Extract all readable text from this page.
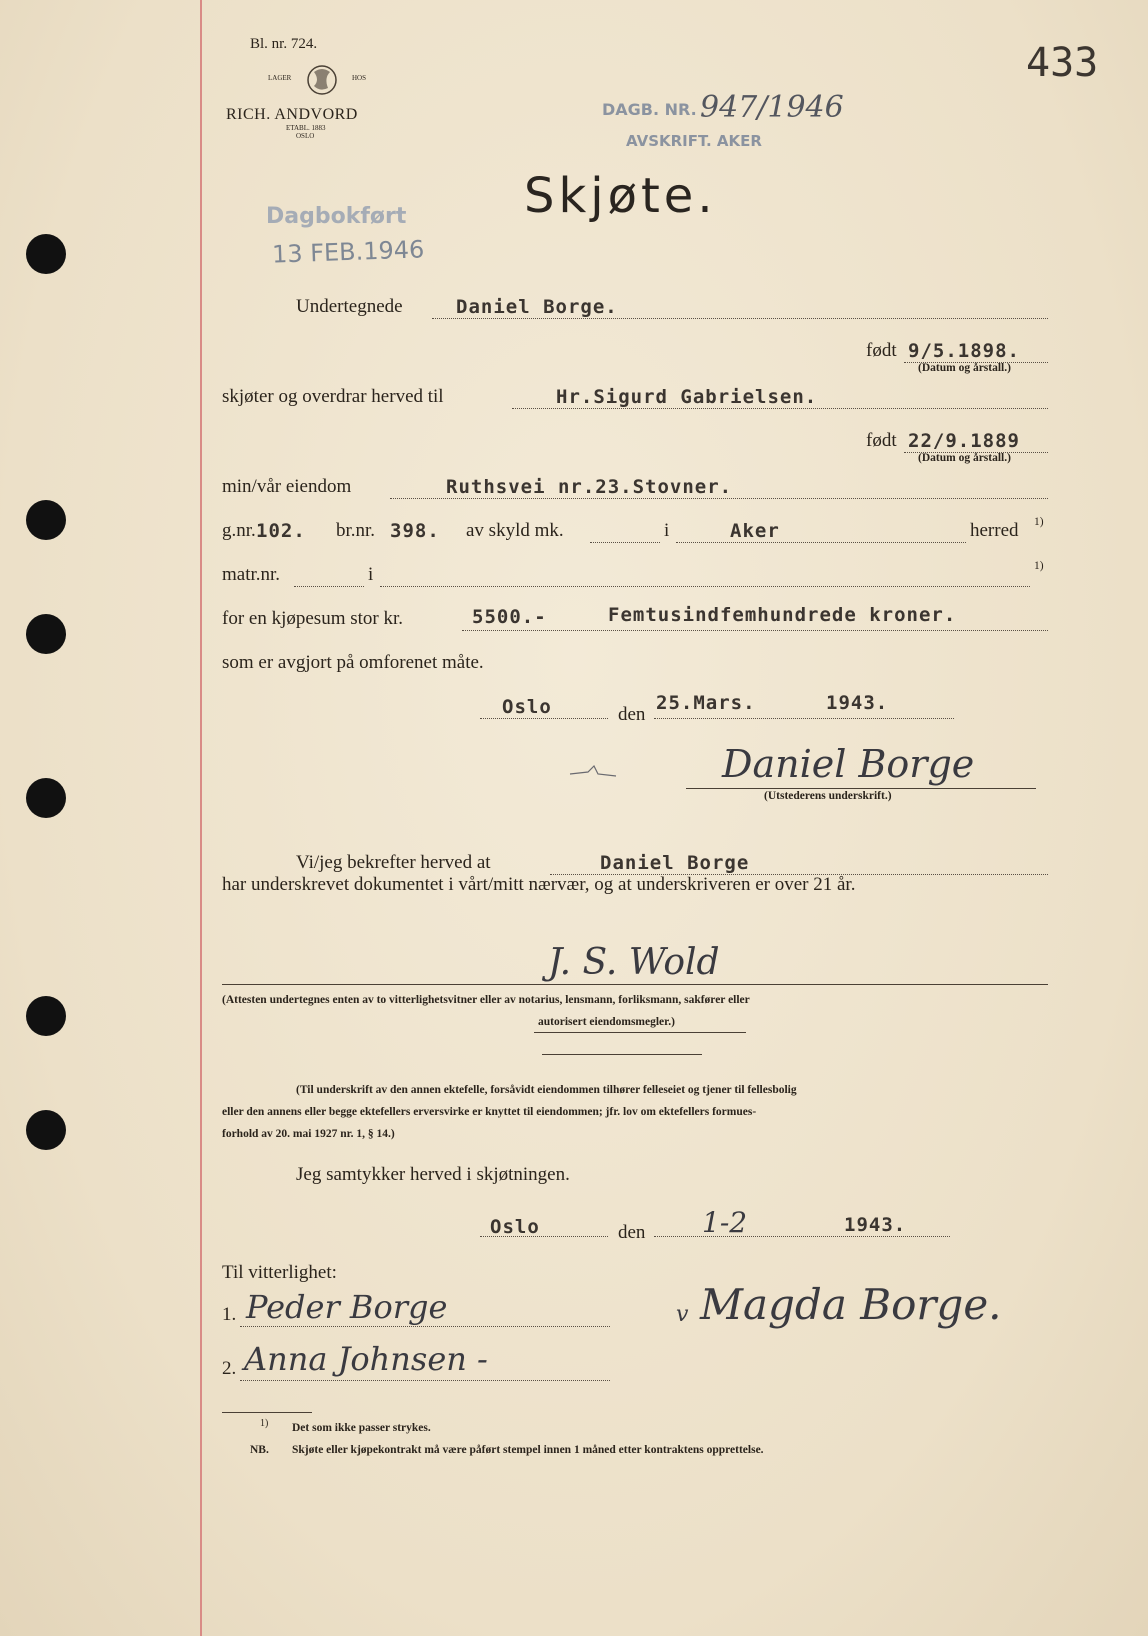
Bl. nr. 724.
LAGER	HOS
RICH. ANDVORD
ETABL. 1883
OSLO
433
DAGB. NR. 947/1946
AVSKRIFT. AKER
Dagbokført
13 FEB.1946
Skjøte.
Undertegnede	Daniel Borge.
født 9/5.1898.
(Datum og årstall.)
skjøter og overdrar herved til	Hr.Sigurd Gabrielsen.
født 22/9.1889
(Datum og årstall.)
min/vår eiendom	Ruthsvei nr.23.Stovner.
g.nr. 102. br.nr. 398. av skyld mk.	i	Aker	herred 1)
matr.nr.	i	1)
for en kjøpesum stor kr.	5500.-	Femtusindfemhundrede kroner.
som er avgjort på omforenet måte.
Oslo	den
25.Mars.	1943.
Daniel Borge
(Utstederens underskrift.)
Vi/jeg bekrefter herved at	Daniel Borge
har underskrevet dokumentet i vårt/mitt nærvær, og at underskriveren er over 21 år.
J. S. Wold
(Attesten undertegnes enten av to vitterlighetsvitner eller av notarius, lensmann, forliksmann, sakfører eller
autorisert eiendomsmegler.)
(Til underskrift av den annen ektefelle, forsåvidt eiendommen tilhører felleseiet og tjener til fellesbolig
eller den annens eller begge ektefellers erversvirke er knyttet til eiendommen; jfr. lov om ektefellers formues-
forhold av 20. mai 1927 nr. 1, § 14.)
Jeg samtykker herved i skjøtningen.
Oslo	den 1-2	1943.
Til vitterlighet:
1. Peder Borge
2. Anna Johnsen -
v Magda Borge.
1) Det som ikke passer strykes.
NB. Skjøte eller kjøpekontrakt må være påført stempel innen 1 måned etter kontraktens opprettelse.
